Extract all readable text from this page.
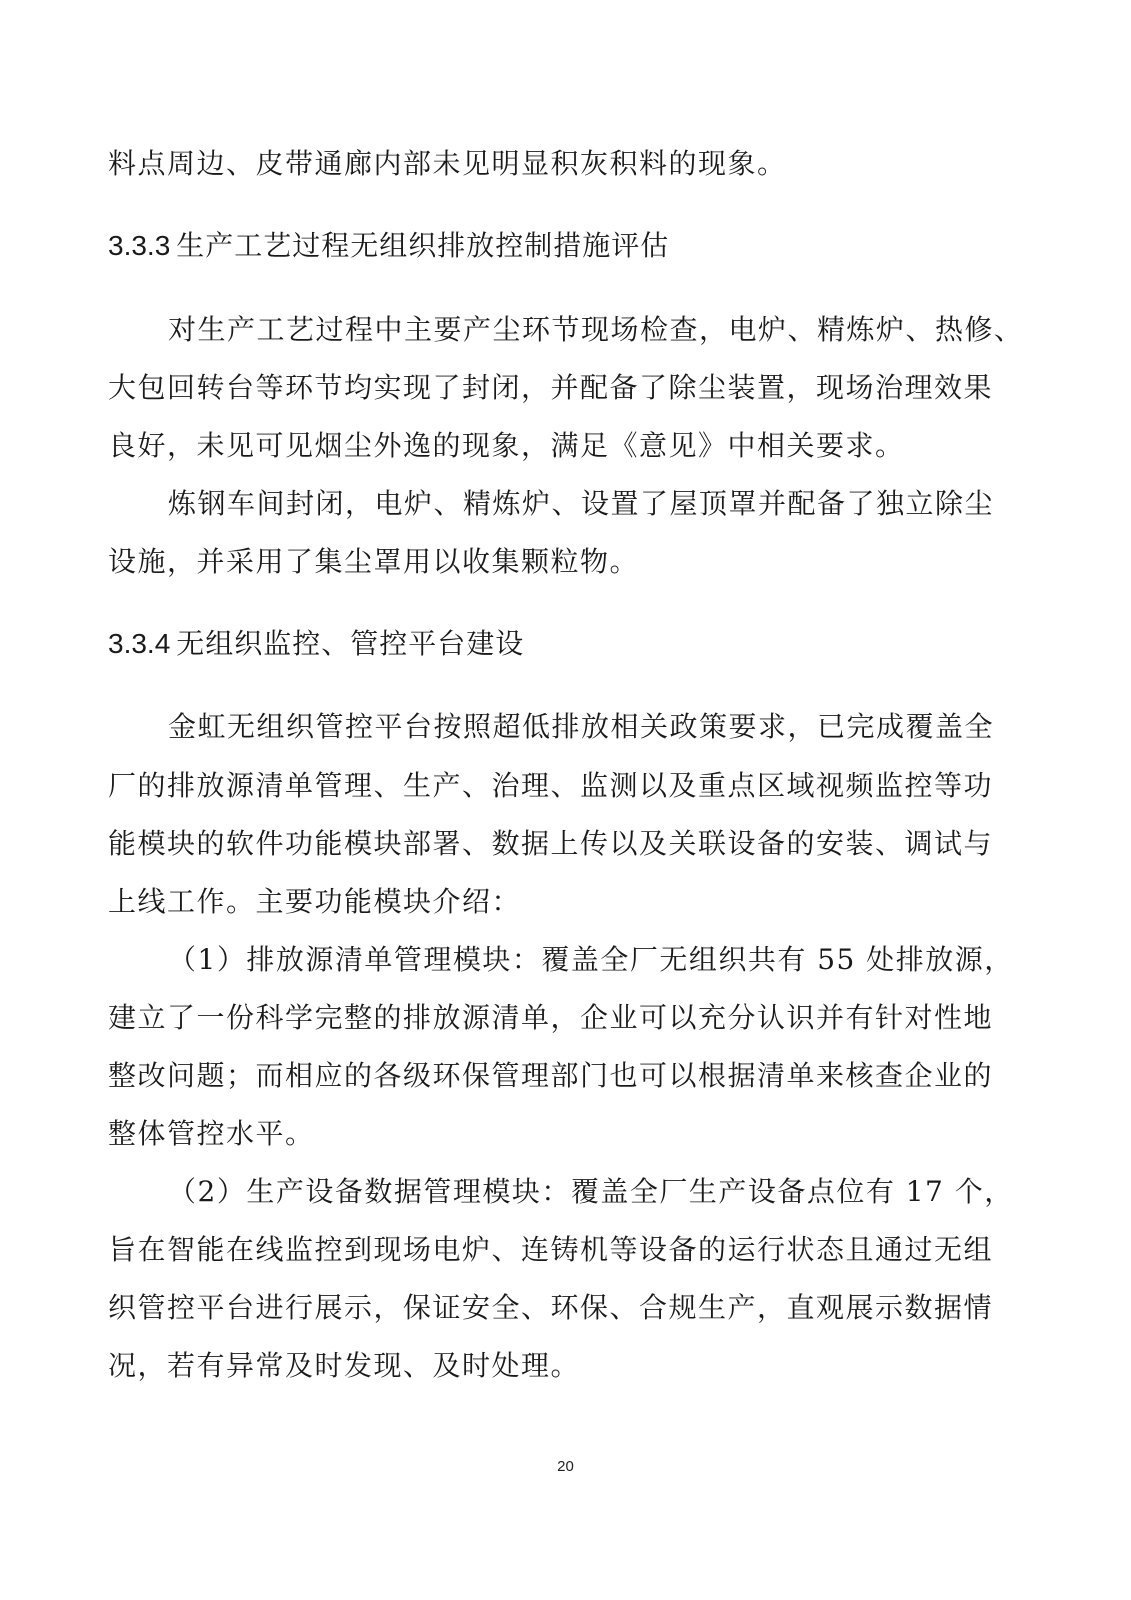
料点周边、皮带通廊内部未见明显积灰积料的现象。
3.3.3 生产工艺过程无组织排放控制措施评估
对生产工艺过程中主要产尘环节现场检查，电炉、精炼炉、热修、
大包回转台等环节均实现了封闭，并配备了除尘装置，现场治理效果
良好，未见可见烟尘外逸的现象，满足《意见》中相关要求。
炼钢车间封闭，电炉、精炼炉、设置了屋顶罩并配备了独立除尘
设施，并采用了集尘罩用以收集颗粒物。
3.3.4 无组织监控、管控平台建设
金虹无组织管控平台按照超低排放相关政策要求，已完成覆盖全
厂的排放源清单管理、生产、治理、监测以及重点区域视频监控等功
能模块的软件功能模块部署、数据上传以及关联设备的安装、调试与
上线工作。主要功能模块介绍：
（1）排放源清单管理模块：覆盖全厂无组织共有 55 处排放源，
建立了一份科学完整的排放源清单，企业可以充分认识并有针对性地
整改问题；而相应的各级环保管理部门也可以根据清单来核查企业的
整体管控水平。
（2）生产设备数据管理模块：覆盖全厂生产设备点位有 17 个，
旨在智能在线监控到现场电炉、连铸机等设备的运行状态且通过无组
织管控平台进行展示，保证安全、环保、合规生产，直观展示数据情
况，若有异常及时发现、及时处理。
20
